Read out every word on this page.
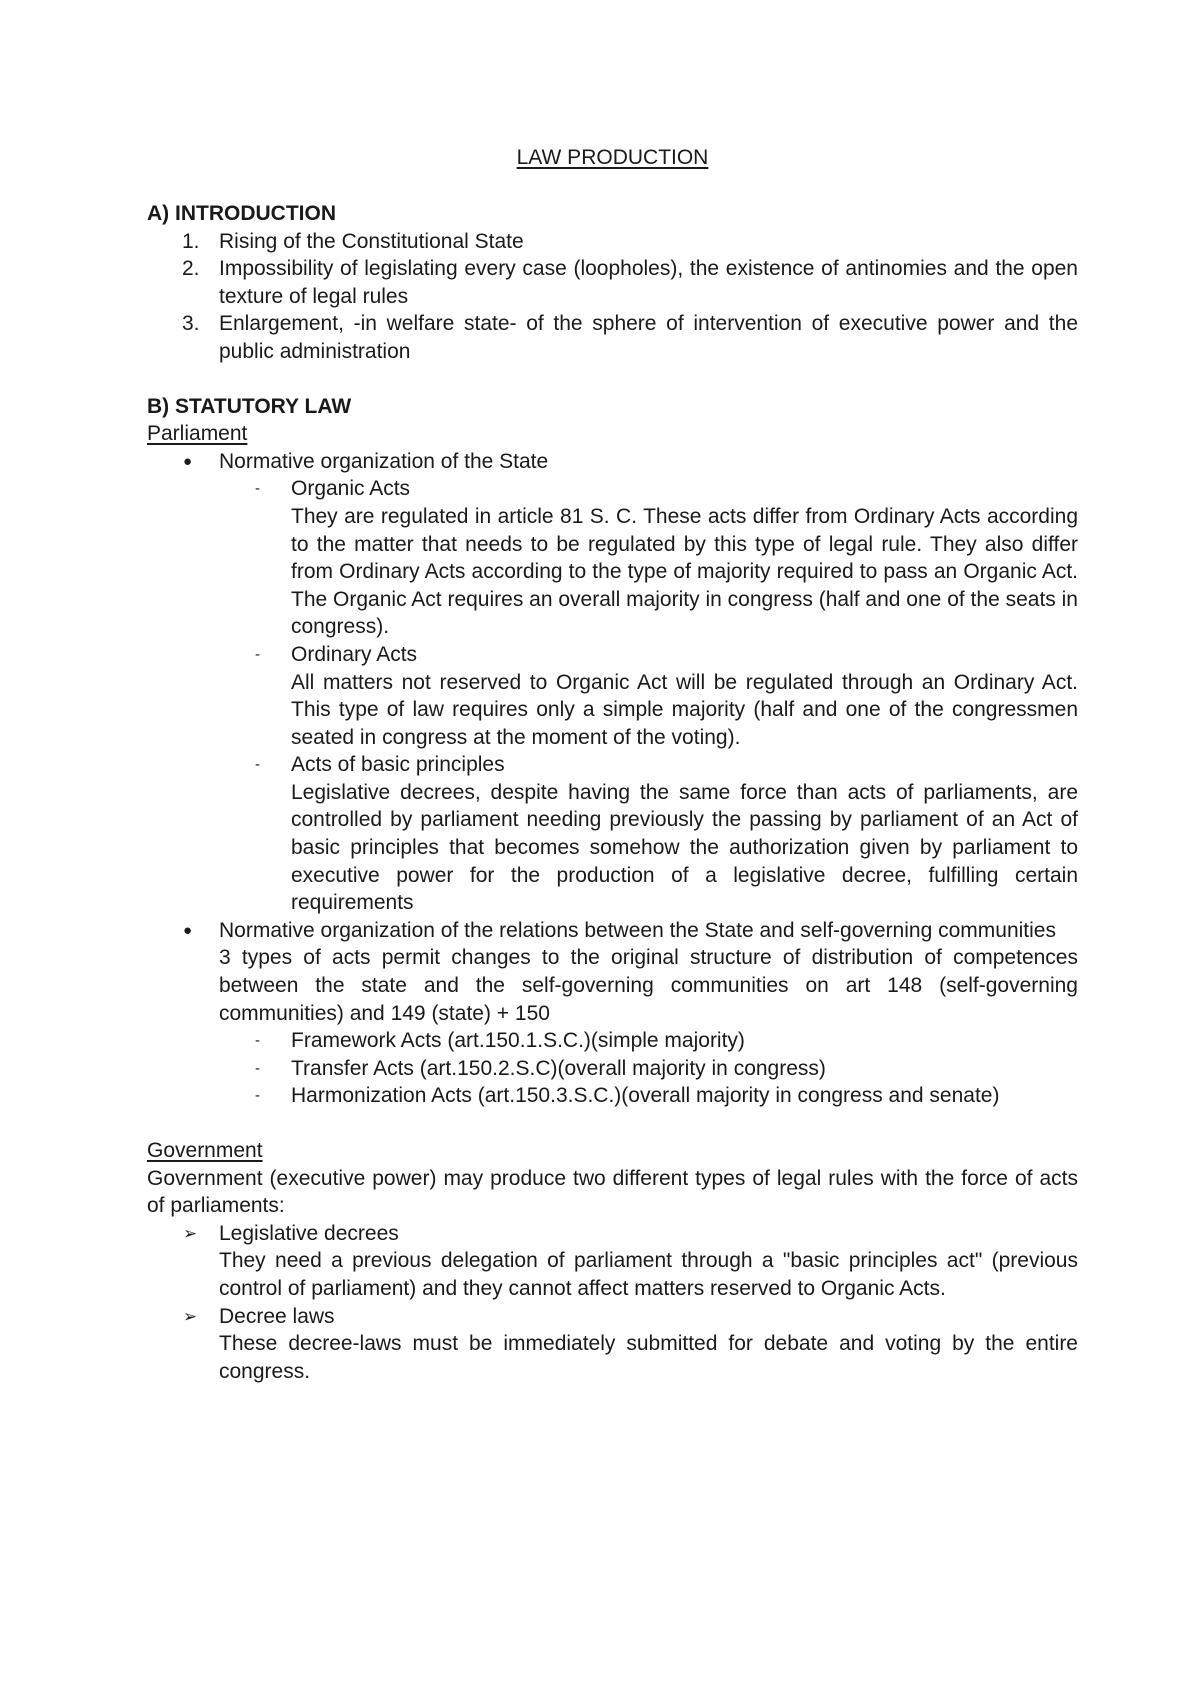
LAW PRODUCTION
A) INTRODUCTION
1. Rising of the Constitutional State
2. Impossibility of legislating every case (loopholes), the existence of antinomies and the open texture of legal rules
3. Enlargement, -in welfare state- of the sphere of intervention of executive power and the public administration
B) STATUTORY LAW
Parliament
● Normative organization of the State
- Organic Acts
They are regulated in article 81 S. C. These acts differ from Ordinary Acts according to the matter that needs to be regulated by this type of legal rule. They also differ from Ordinary Acts according to the type of majority required to pass an Organic Act. The Organic Act requires an overall majority in congress (half and one of the seats in congress).
- Ordinary Acts
All matters not reserved to Organic Act will be regulated through an Ordinary Act. This type of law requires only a simple majority (half and one of the congressmen seated in congress at the moment of the voting).
- Acts of basic principles
Legislative decrees, despite having the same force than acts of parliaments, are controlled by parliament needing previously the passing by parliament of an Act of basic principles that becomes somehow the authorization given by parliament to executive power for the production of a legislative decree, fulfilling certain requirements
● Normative organization of the relations between the State and self-governing communities
3 types of acts permit changes to the original structure of distribution of competences between the state and the self-governing communities on art 148 (self-governing communities) and 149 (state) + 150
- Framework Acts (art.150.1.S.C.)(simple majority)
- Transfer Acts (art.150.2.S.C)(overall majority in congress)
- Harmonization Acts (art.150.3.S.C.)(overall majority in congress and senate)
Government

Government (executive power) may produce two different types of legal rules with the force of acts of parliaments:

➢ Legislative decrees
They need a previous delegation of parliament through a "basic principles act" (previous control of parliament) and they cannot affect matters reserved to Organic Acts.
➢ Decree laws
These decree-laws must be immediately submitted for debate and voting by the entire congress.
